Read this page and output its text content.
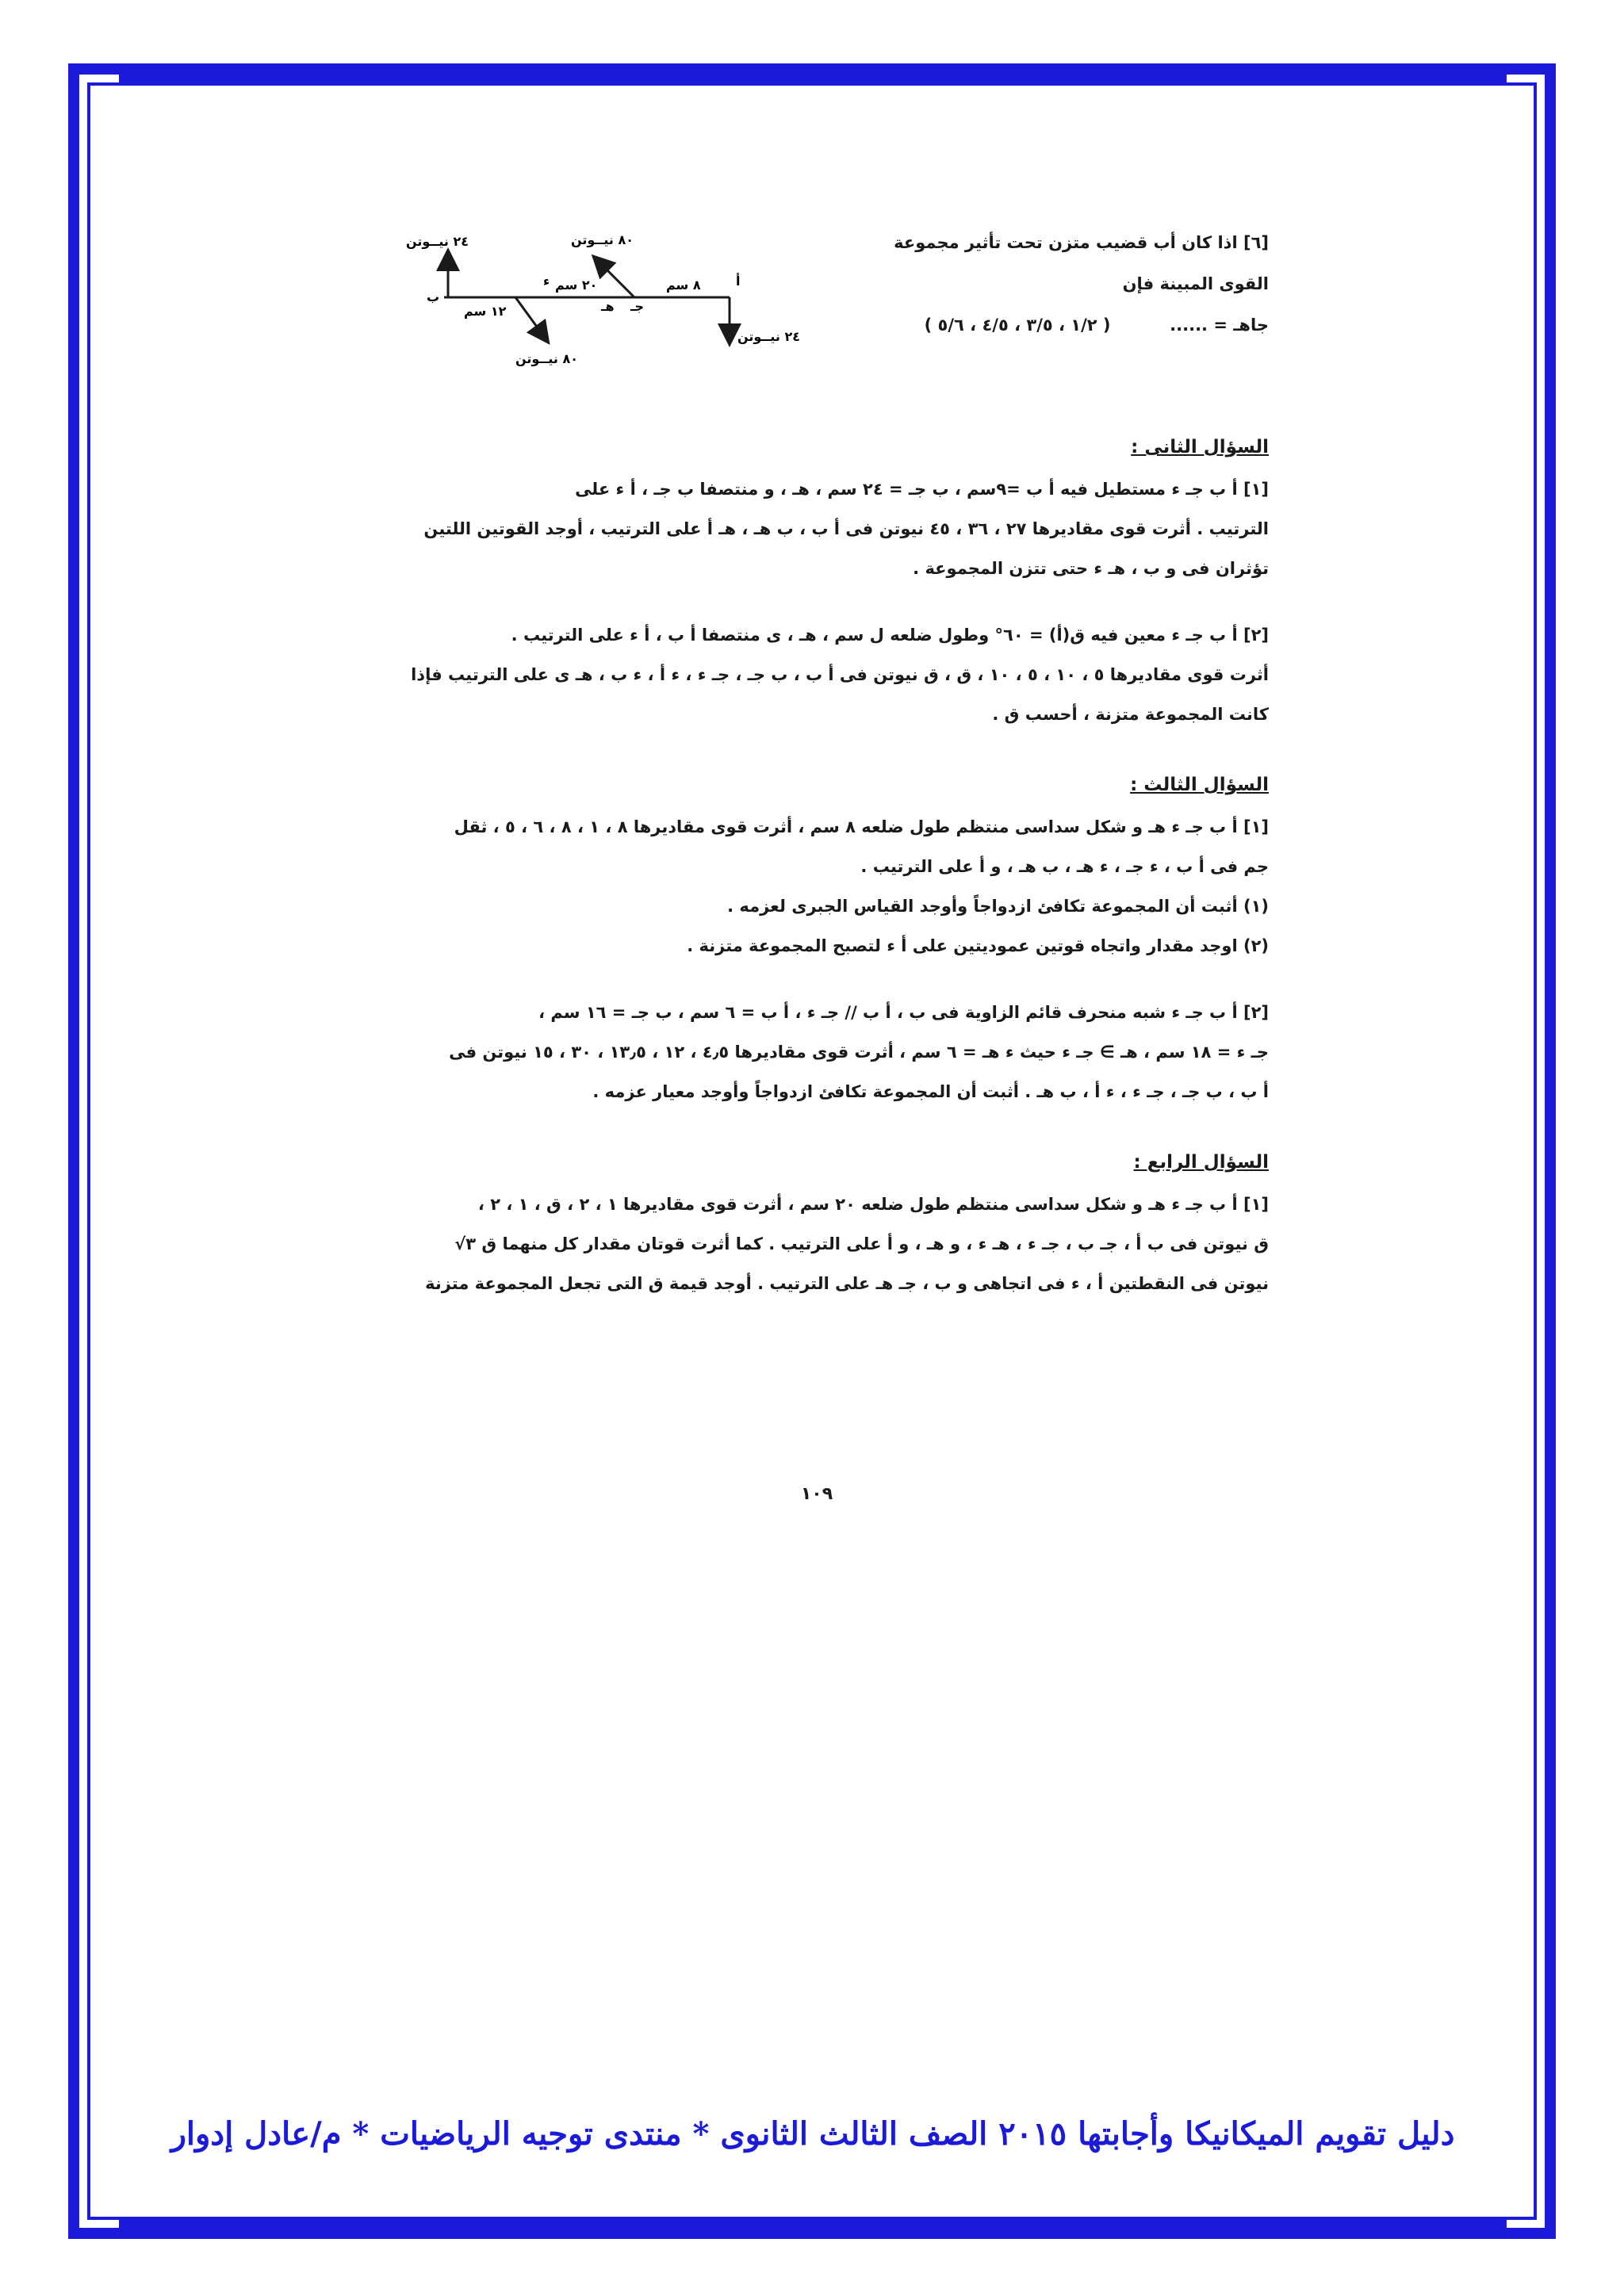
[٦] اذا كان أب قضيب متزن تحت تأثير مجموعة

القوى المبينة فإن

جاهـ = ......  ( ١/٢ ، ٣/٥ ، ٤/٥ ، ٥/٦ )

٢٤ نيــوتن	٨٠ نيــوتن
٨٠ نيــوتن
٢٤ نيــوتن
٨ سم
٢٠ سم
١٢ سم
أ
ب
جـ
هـ
ء

السؤال الثانى :

[١] أ ب جـ ء مستطيل فيه أ ب =٩سم ، ب جـ = ٢٤ سم ، هـ ، و منتصفا ب جـ ، أ ء على

الترتيب . أثرت قوى مقاديرها ٢٧ ، ٣٦ ، ٤٥ نيوتن فى أ ب ، ب هـ ، هـ أ على الترتيب ، أوجد القوتين اللتين

تؤثران فى و ب ، هـ ء حتى تتزن المجموعة .

[٢] أ ب جـ ء معين فيه ق(أ) = ٦٠° وطول ضلعه ل سم ، هـ ، ى منتصفا أ ب ، أ ء على الترتيب .

أثرت قوى مقاديرها ٥ ، ١٠ ، ٥ ، ١٠ ، ق ، ق نيوتن فى أ ب ، ب جـ ، جـ ء ، ء أ ، ء ب ، هـ ى على الترتيب فإذا

كانت المجموعة متزنة ، أحسب ق .

السؤال الثالث :

[١] أ ب جـ ء هـ و شكل سداسى منتظم طول ضلعه ٨ سم ، أثرت قوى مقاديرها ٨ ، ١ ، ٨ ، ٦ ، ٥ ، ثقل

جم فى أ ب ، ء جـ ، ء هـ ، ب هـ ، و أ على الترتيب .

(١) أثبت أن المجموعة تكافئ ازدواجاً وأوجد القياس الجبرى لعزمه .

(٢) اوجد مقدار واتجاه قوتين عموديتين على أ ء لتصبح المجموعة متزنة .

[٢] أ ب جـ ء شبه منحرف قائم الزاوية فى ب ، أ ب // جـ ء ، أ ب = ٦ سم ، ب جـ = ١٦ سم ،

جـ ء = ١٨ سم ، هـ ∋ جـ ء حيث ء هـ = ٦ سم ، أثرت قوى مقاديرها ٤٫٥ ، ١٢ ، ١٣٫٥ ، ٣٠ ، ١٥ نيوتن فى

أ ب ، ب جـ ، جـ ء ، ء أ ، ب هـ . أثبت أن المجموعة تكافئ ازدواجاً وأوجد معيار عزمه .

السؤال الرابع :

[١] أ ب جـ ء هـ و شكل سداسى منتظم طول ضلعه ٢٠ سم ، أثرت قوى مقاديرها ١ ، ٢ ، ق ، ١ ، ٢ ،

ق نيوتن فى ب أ ، جـ ب ، جـ ء ، هـ ء ، و هـ ، و أ على الترتيب . كما أثرت قوتان مقدار كل منهما ق ٣√

نيوتن فى النقطتين أ ، ء فى اتجاهى و ب ، جـ هـ على الترتيب . أوجد قيمة ق التى تجعل المجموعة متزنة

١٠٩
دليل تقويم الميكانيكا وأجابتها ٢٠١٥ الصف الثالث الثانوى * منتدى توجيه الرياضيات * م/عادل إدوار
